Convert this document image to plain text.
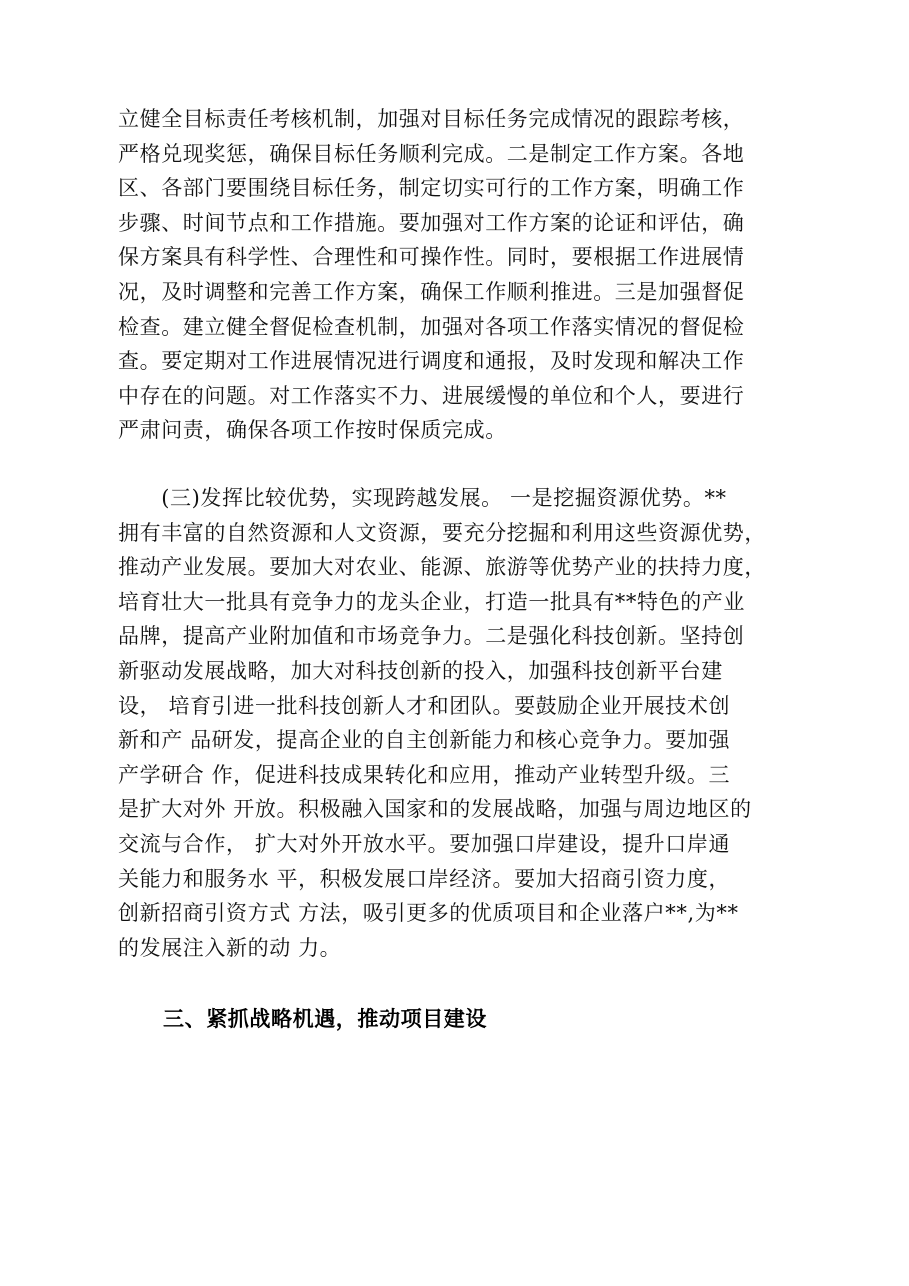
立健全目标责任考核机制，加强对目标任务完成情况的跟踪考核，
严格兑现奖惩，确保目标任务顺利完成。二是制定工作方案。各地
区、各部门要围绕目标任务，制定切实可行的工作方案，明确工作
步骤、时间节点和工作措施。要加强对工作方案的论证和评估，确
保方案具有科学性、合理性和可操作性。同时，要根据工作进展情
况，及时调整和完善工作方案，确保工作顺利推进。三是加强督促
检查。建立健全督促检查机制，加强对各项工作落实情况的督促检
查。要定期对工作进展情况进行调度和通报，及时发现和解决工作
中存在的问题。对工作落实不力、进展缓慢的单位和个人，要进行
严肃问责，确保各项工作按时保质完成。
　　(三)发挥比较优势，实现跨越发展。 一是挖掘资源优势。**
拥有丰富的自然资源和人文资源，要充分挖掘和利用这些资源优势，
推动产业发展。要加大对农业、能源、旅游等优势产业的扶持力度，
培育壮大一批具有竞争力的龙头企业，打造一批具有**特色的产业
品牌，提高产业附加值和市场竞争力。二是强化科技创新。坚持创
新驱动发展战略，加大对科技创新的投入，加强科技创新平台建
设， 培育引进一批科技创新人才和团队。要鼓励企业开展技术创
新和产 品研发，提高企业的自主创新能力和核心竞争力。要加强
产学研合 作，促进科技成果转化和应用，推动产业转型升级。三
是扩大对外 开放。积极融入国家和的发展战略，加强与周边地区的
交流与合作， 扩大对外开放水平。要加强口岸建设，提升口岸通
关能力和服务水 平，积极发展口岸经济。要加大招商引资力度，
创新招商引资方式 方法，吸引更多的优质项目和企业落户**,为**
的发展注入新的动 力。
三、紧抓战略机遇，推动项目建设
